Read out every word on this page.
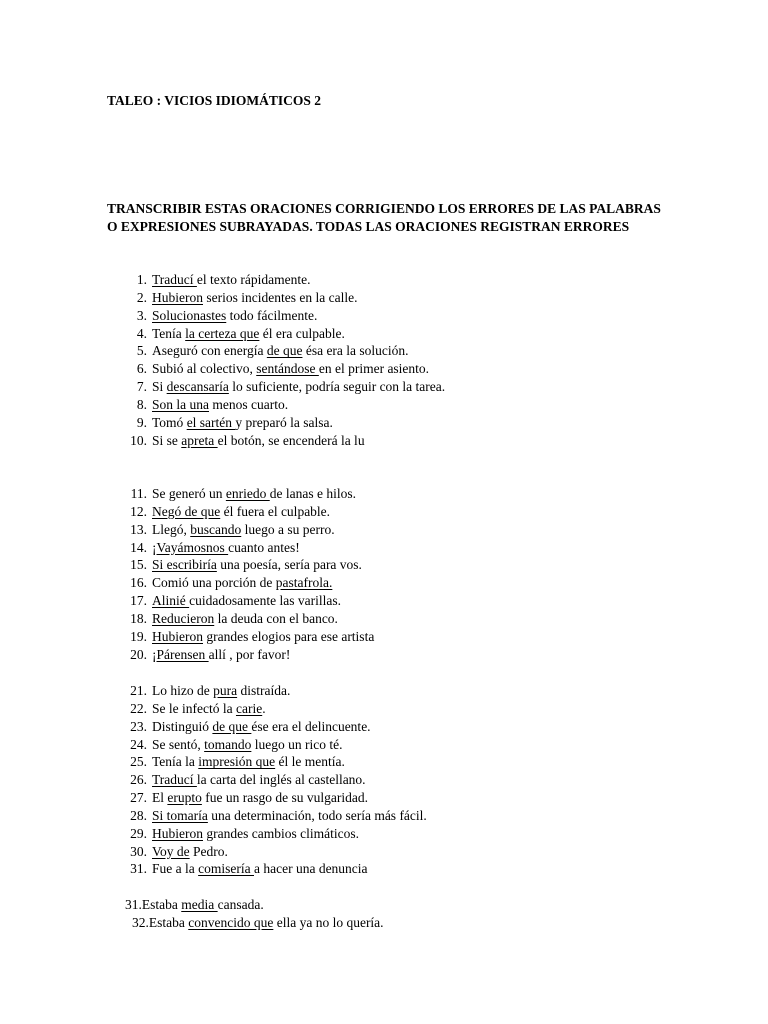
TALEO : VICIOS IDIOMÁTICOS 2

TRANSCRIBIR ESTAS ORACIONES CORRIGIENDO LOS ERRORES DE LAS PALABRAS O EXPRESIONES SUBRAYADAS. TODAS LAS ORACIONES REGISTRAN ERRORES

1. Traducí el texto rápidamente.
2. Hubieron serios incidentes en la calle.
3. Solucionastes todo fácilmente.
4. Tenía la certeza que él era culpable.
5. Aseguró con energía de que ésa era la solución.
6. Subió al colectivo, sentándose en el primer asiento.
7. Si descansaría lo suficiente, podría seguir con la tarea.
8. Son la una menos cuarto.
9. Tomó el sartén y preparó la salsa.
10. Si se apreta el botón, se encenderá la lu
11. Se generó un enriedo de lanas e hilos.
12. Negó de que él fuera el culpable.
13. Llegó, buscando luego a su perro.
14. ¡Vayámosnos cuanto antes!
15. Si escribiría una poesía, sería para vos.
16. Comió una porción de pastafrola.
17. Alinié cuidadosamente las varillas.
18. Reducieron la deuda con el banco.
19. Hubieron grandes elogios para ese artista
20. ¡Párensen allí , por favor!
21. Lo hizo de pura distraída.
22. Se le infectó la carie.
23. Distinguió de que ése era el delincuente.
24. Se sentó, tomando luego un rico té.
25. Tenía la impresión que él le mentía.
26. Traducí la carta del inglés al castellano.
27. El erupto fue un rasgo de su vulgaridad.
28. Si tomaría una determinación, todo sería más fácil.
29. Hubieron grandes cambios climáticos.
30. Voy de Pedro.
31. Fue a la comisería a hacer una denuncia

31.Estaba media cansada.

32.Estaba convencido que ella ya no lo quería.
